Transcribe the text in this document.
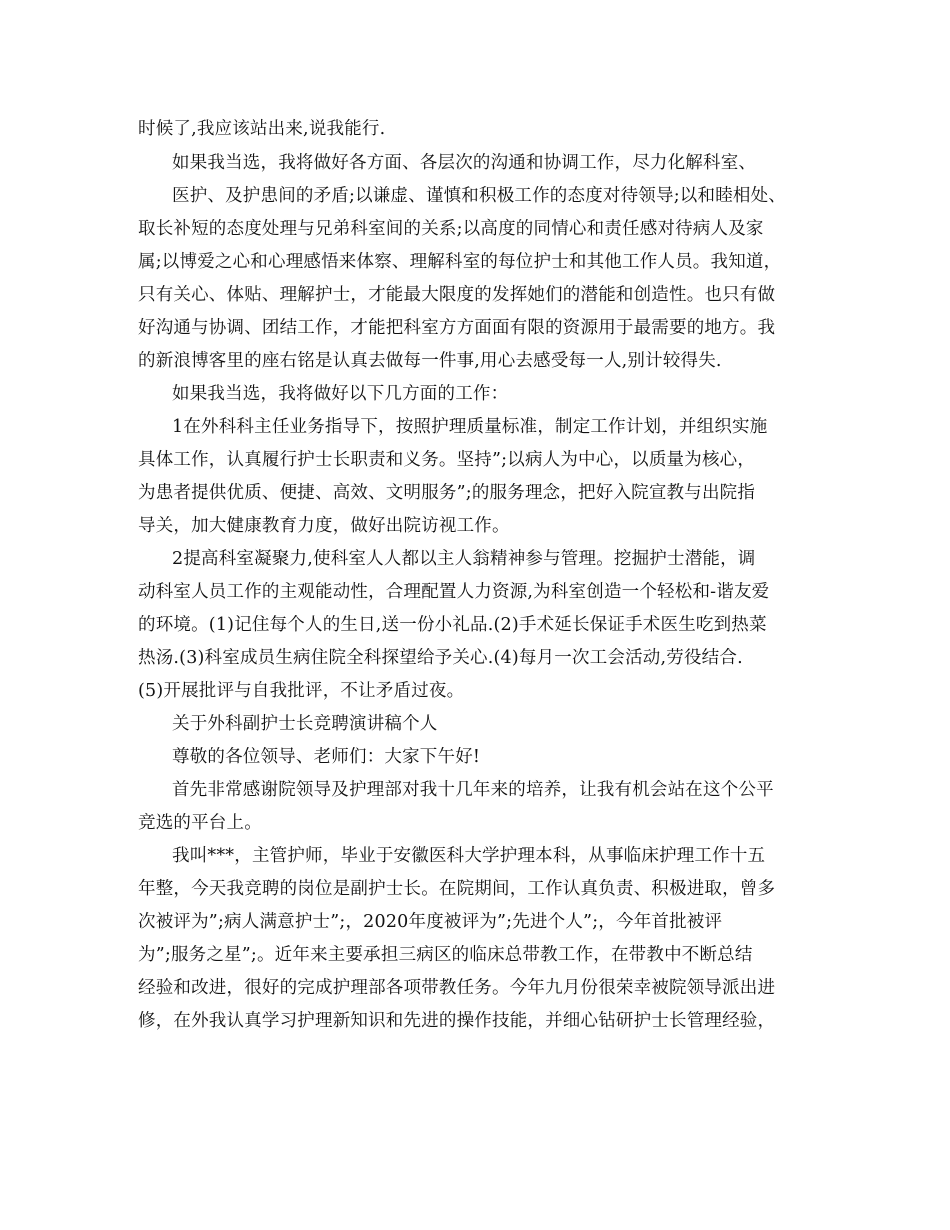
时候了,我应该站出来,说我能行.
如果我当选，我将做好各方面、各层次的沟通和协调工作，尽力化解科室、
医护、及护患间的矛盾;以谦虚、谨慎和积极工作的态度对待领导;以和睦相处、
取长补短的态度处理与兄弟科室间的关系;以高度的同情心和责任感对待病人及家
属;以博爱之心和心理感悟来体察、理解科室的每位护士和其他工作人员。我知道，
只有关心、体贴、理解护士，才能最大限度的发挥她们的潜能和创造性。也只有做
好沟通与协调、团结工作，才能把科室方方面面有限的资源用于最需要的地方。我
的新浪博客里的座右铭是认真去做每一件事,用心去感受每一人,别计较得失.
如果我当选，我将做好以下几方面的工作：
1在外科科主任业务指导下，按照护理质量标准，制定工作计划，并组织实施
具体工作，认真履行护士长职责和义务。坚持”;以病人为中心，以质量为核心，
为患者提供优质、便捷、高效、文明服务”;的服务理念，把好入院宣教与出院指
导关，加大健康教育力度，做好出院访视工作。
2提高科室凝聚力,使科室人人都以主人翁精神参与管理。挖掘护士潜能，调
动科室人员工作的主观能动性，合理配置人力资源,为科室创造一个轻松和-谐友爱
的环境。(1)记住每个人的生日,送一份小礼品.(2)手术延长保证手术医生吃到热菜
热汤.(3)科室成员生病住院全科探望给予关心.(4)每月一次工会活动,劳役结合.
(5)开展批评与自我批评，不让矛盾过夜。
关于外科副护士长竞聘演讲稿个人
尊敬的各位领导、老师们：大家下午好!
首先非常感谢院领导及护理部对我十几年来的培养，让我有机会站在这个公平
竞选的平台上。
我叫***，主管护师，毕业于安徽医科大学护理本科，从事临床护理工作十五
年整，今天我竞聘的岗位是副护士长。在院期间，工作认真负责、积极进取，曾多
次被评为”;病人满意护士”;，2020年度被评为”;先进个人”;，今年首批被评
为”;服务之星”;。近年来主要承担三病区的临床总带教工作，在带教中不断总结
经验和改进，很好的完成护理部各项带教任务。今年九月份很荣幸被院领导派出进
修，在外我认真学习护理新知识和先进的操作技能，并细心钻研护士长管理经验，
